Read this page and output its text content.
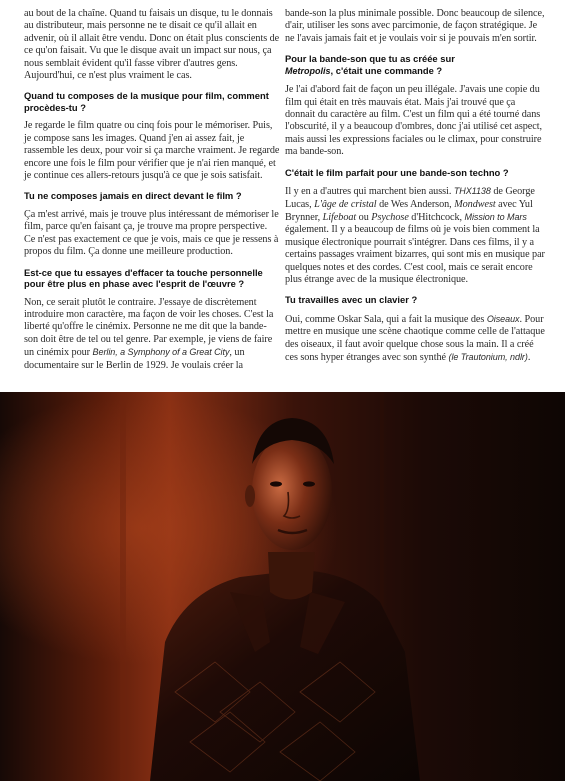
au bout de la chaîne. Quand tu faisais un disque, tu le donnais au distributeur, mais personne ne te disait ce qu'il allait en advenir, où il allait être vendu. Donc on était plus conscients de ce qu'on faisait. Vu que le disque avait un impact sur nous, ça nous semblait évident qu'il fasse vibrer d'autres gens. Aujourd'hui, ce n'est plus vraiment le cas.

Quand tu composes de la musique pour film, comment procèdes-tu ?

Je regarde le film quatre ou cinq fois pour le mémoriser. Puis, je compose sans les images. Quand j'en ai assez fait, je rassemble les deux, pour voir si ça marche vraiment. Je regarde encore une fois le film pour vérifier que je n'ai rien manqué, et je continue ces allers-retours jusqu'à ce que je sois satisfait.

Tu ne composes jamais en direct devant le film ?

Ça m'est arrivé, mais je trouve plus intéressant de mémoriser le film, parce qu'en faisant ça, je trouve ma propre perspective. Ce n'est pas exactement ce que je vois, mais ce que je ressens à propos du film. Ça donne une meilleure production.

Est-ce que tu essayes d'effacer ta touche personnelle pour être plus en phase avec l'esprit de l'œuvre ?

Non, ce serait plutôt le contraire. J'essaye de discrètement introduire mon caractère, ma façon de voir les choses. C'est la liberté qu'offre le cinémix. Personne ne me dit que la bande-son doit être de tel ou tel genre. Par exemple, je viens de faire un cinémix pour Berlin, a Symphony of a Great City, un documentaire sur le Berlin de 1929. Je voulais créer la

bande-son la plus minimale possible. Donc beaucoup de silence, d'air, utiliser les sons avec parcimonie, de façon stratégique. Je ne l'avais jamais fait et je voulais voir si je pouvais m'en sortir.

Pour la bande-son que tu as créée sur
Metropolis, c'était une commande ?

Je l'ai d'abord fait de façon un peu illégale. J'avais une copie du film qui était en très mauvais état. Mais j'ai trouvé que ça donnait du caractère au film. C'est un film qui a été tourné dans l'obscurité, il y a beaucoup d'ombres, donc j'ai utilisé cet aspect, mais aussi les expressions faciales ou le climax, pour construire ma bande-son.

C'était le film parfait pour une bande-son techno ?

Il y en a d'autres qui marchent bien aussi. THX1138 de George Lucas, L'âge de cristal de Wes Anderson, Mondwest avec Yul Brynner, Lifeboat ou Psychose d'Hitchcock, Mission to Mars également. Il y a beaucoup de films où je vois bien comment la musique électronique pourrait s'intégrer. Dans ces films, il y a certains passages vraiment bizarres, qui sont mis en musique par quelques notes et des cordes. C'est cool, mais ce serait encore plus étrange avec de la musique électronique.

Tu travailles avec un clavier ?

Oui, comme Oskar Sala, qui a fait la musique des Oiseaux. Pour mettre en musique une scène chaotique comme celle de l'attaque des oiseaux, il faut avoir quelque chose sous la main. Il a créé ces sons hyper étranges avec son synthé (le Trautonium, ndlr).
